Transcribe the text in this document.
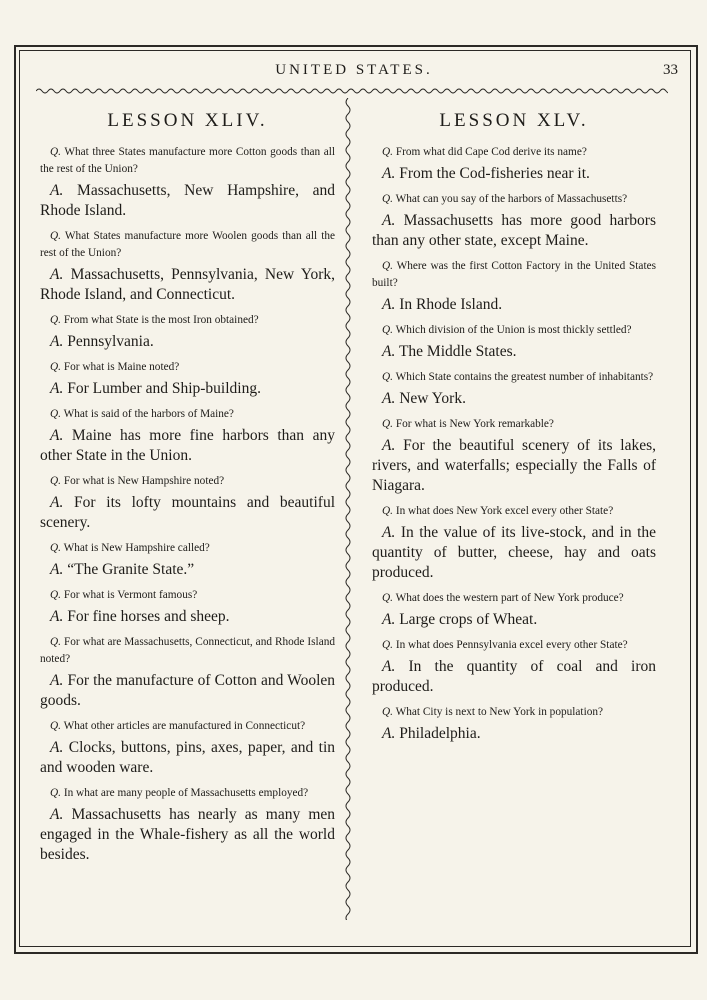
UNITED STATES.	33
LESSON XLIV.

Q. What three States manufacture more Cotton goods than all the rest of the Union?

A. Massachusetts, New Hampshire, and Rhode Island.

Q. What States manufacture more Woolen goods than all the rest of the Union?

A. Massachusetts, Pennsylvania, New York, Rhode Island, and Connecticut.

Q. From what State is the most Iron obtained?

A. Pennsylvania.

Q. For what is Maine noted?

A. For Lumber and Ship-building.

Q. What is said of the harbors of Maine?

A. Maine has more fine harbors than any other State in the Union.

Q. For what is New Hampshire noted?

A. For its lofty mountains and beautiful scenery.

Q. What is New Hampshire called?

A. “The Granite State.”

Q. For what is Vermont famous?

A. For fine horses and sheep.

Q. For what are Massachusetts, Connecticut, and Rhode Island noted?

A. For the manufacture of Cotton and Woolen goods.

Q. What other articles are manufactured in Connecticut?

A. Clocks, buttons, pins, axes, paper, and tin and wooden ware.

Q. In what are many people of Massachusetts employed?

A. Massachusetts has nearly as many men engaged in the Whale-fishery as all the world besides.

LESSON XLV.

Q. From what did Cape Cod derive its name?

A. From the Cod-fisheries near it.

Q. What can you say of the harbors of Massachusetts?

A. Massachusetts has more good harbors than any other state, except Maine.

Q. Where was the first Cotton Factory in the United States built?

A. In Rhode Island.

Q. Which division of the Union is most thickly settled?

A. The Middle States.

Q. Which State contains the greatest number of inhabitants?

A. New York.

Q. For what is New York remarkable?

A. For the beautiful scenery of its lakes, rivers, and waterfalls; especially the Falls of Niagara.

Q. In what does New York excel every other State?

A. In the value of its live-stock, and in the quantity of butter, cheese, hay and oats produced.

Q. What does the western part of New York produce?

A. Large crops of Wheat.

Q. In what does Pennsylvania excel every other State?

A. In the quantity of coal and iron produced.

Q. What City is next to New York in population?

A. Philadelphia.
